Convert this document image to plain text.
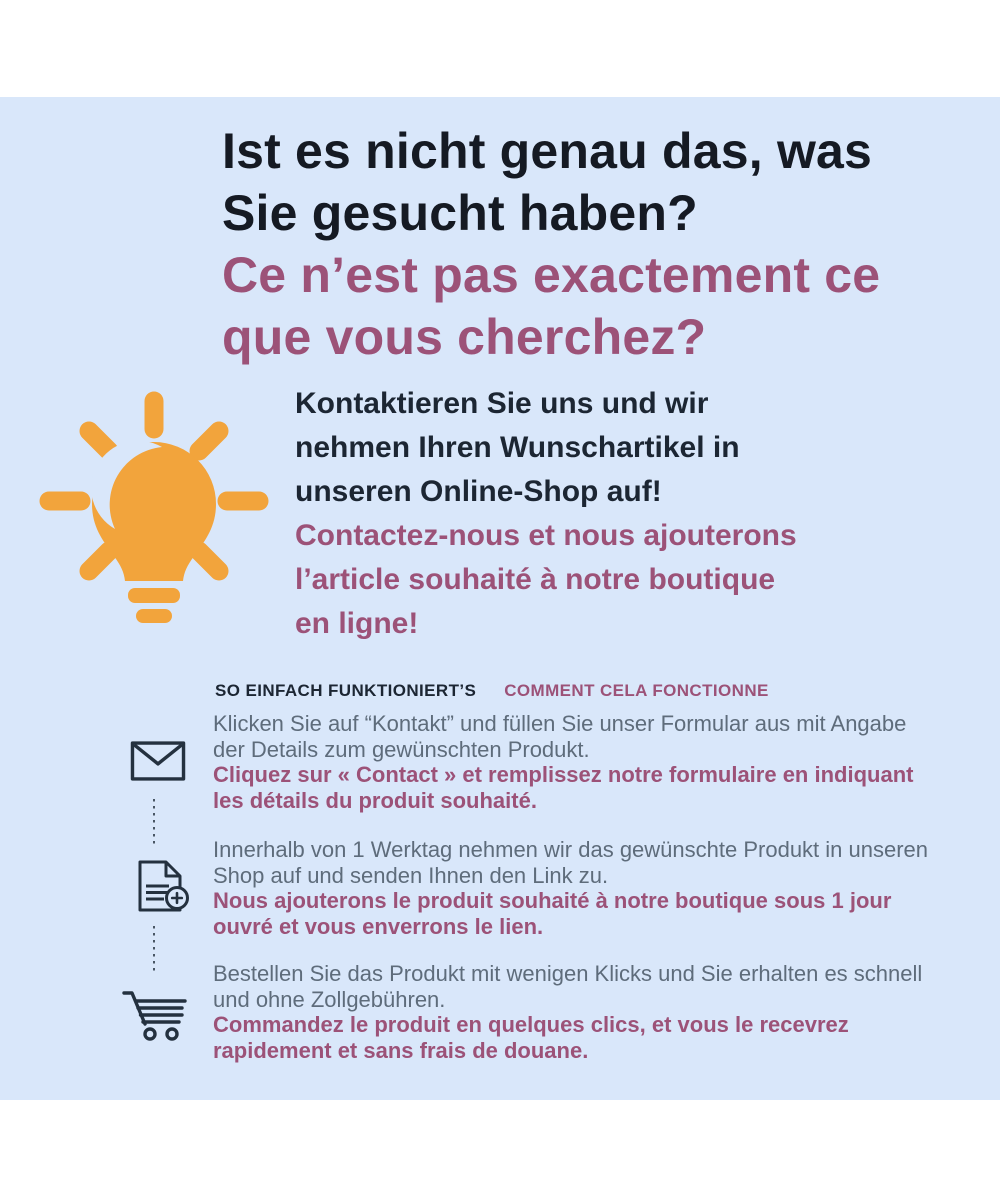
Ist es nicht genau das, was
Sie gesucht haben?
Ce n’est pas exactement ce
que vous cherchez?
Kontaktieren Sie uns und wir
nehmen Ihren Wunschartikel in
unseren Online-Shop auf!
Contactez-nous et nous ajouterons
l’article souhaité à notre boutique
en ligne!
SO EINFACH FUNKTIONIERT’S COMMENT CELA FONCTIONNE
Klicken Sie auf “Kontakt” und füllen Sie unser Formular aus mit Angabe der Details zum gewünschten Produkt.
Cliquez sur « Contact » et remplissez notre formulaire en indiquant les détails du produit souhaité.
Innerhalb von 1 Werktag nehmen wir das gewünschte Produkt in unseren Shop auf und senden Ihnen den Link zu.
Nous ajouterons le produit souhaité à notre boutique sous 1 jour ouvré et vous enverrons le lien.
Bestellen Sie das Produkt mit wenigen Klicks und Sie erhalten es schnell und ohne Zollgebühren.
Commandez le produit en quelques clics, et vous le recevrez rapidement et sans frais de douane.
